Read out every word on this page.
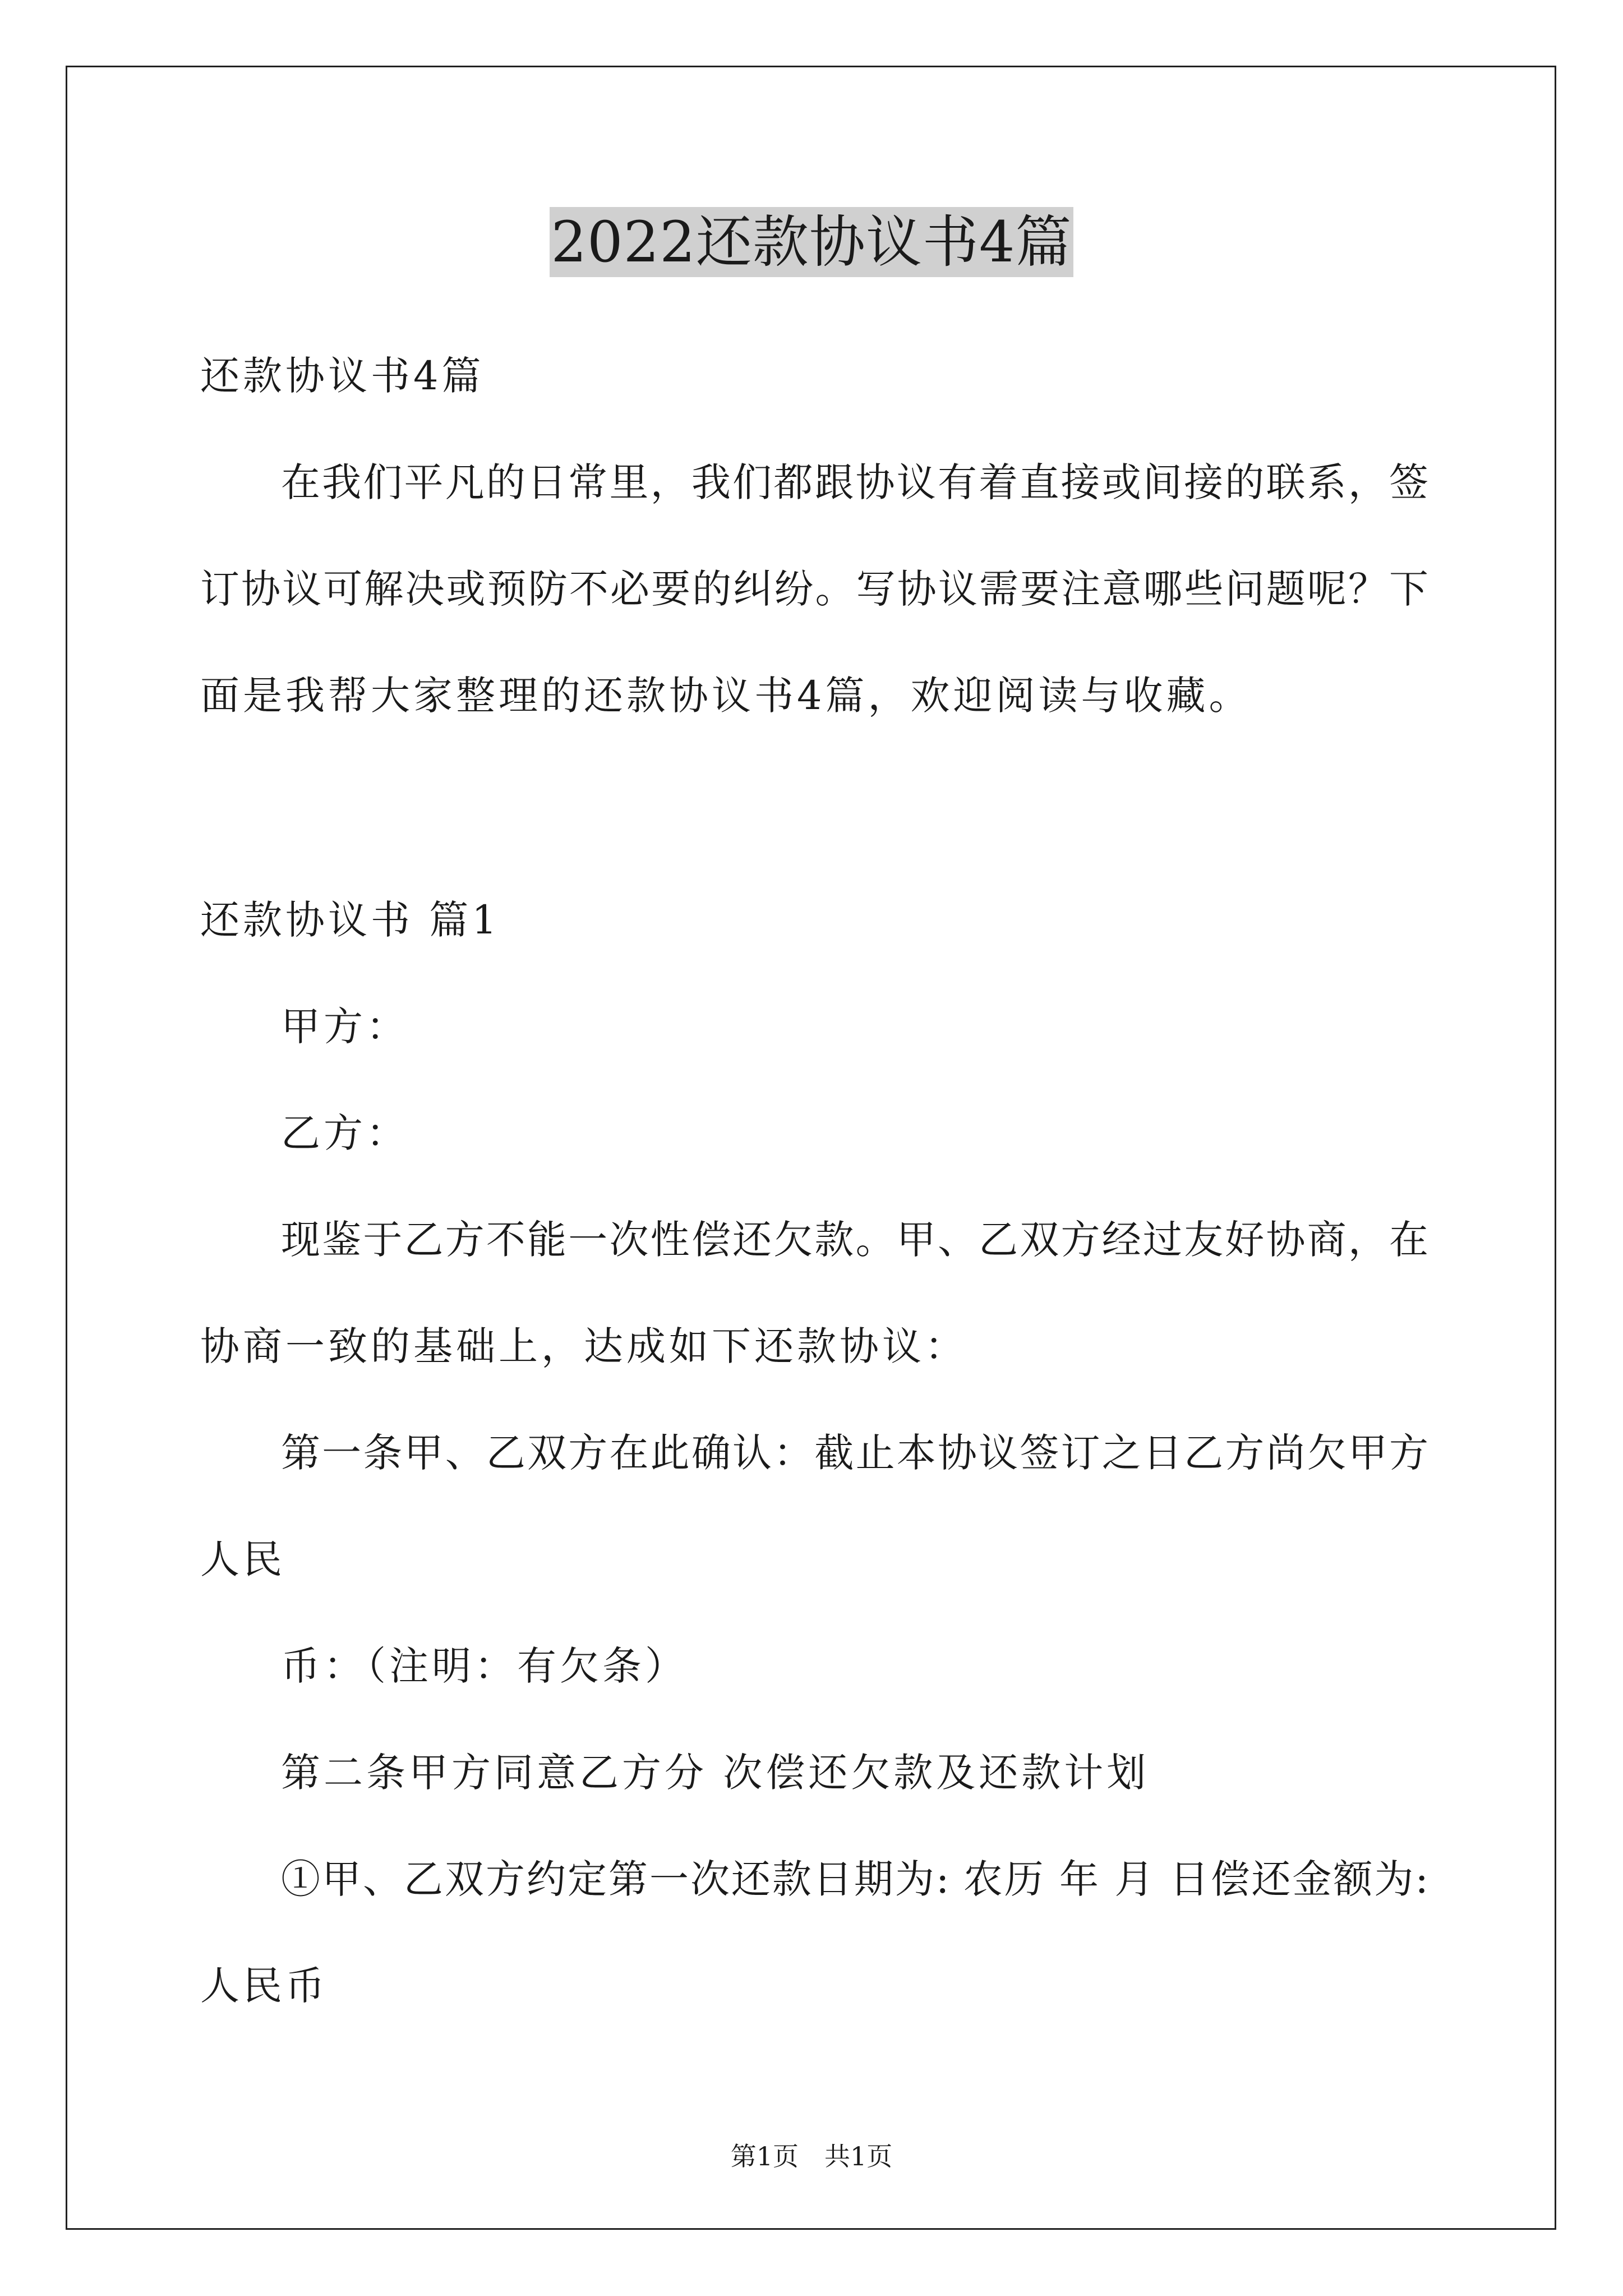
2022还款协议书4篇
还款协议书4篇
在我们平凡的日常里，我们都跟协议有着直接或间接的联系，签
订协议可解决或预防不必要的纠纷。写协议需要注意哪些问题呢？下
面是我帮大家整理的还款协议书4篇，欢迎阅读与收藏。
还款协议书 篇1
甲方：
乙方：
现鉴于乙方不能一次性偿还欠款。甲、乙双方经过友好协商，在
协商一致的基础上，达成如下还款协议：
第一条甲、乙双方在此确认：截止本协议签订之日乙方尚欠甲方
人民
币：（注明：有欠条）
第二条甲方同意乙方分 次偿还欠款及还款计划
①甲、乙双方约定第一次还款日期为: 农历 年 月 日偿还金额为:
人民币
第1页　共1页
